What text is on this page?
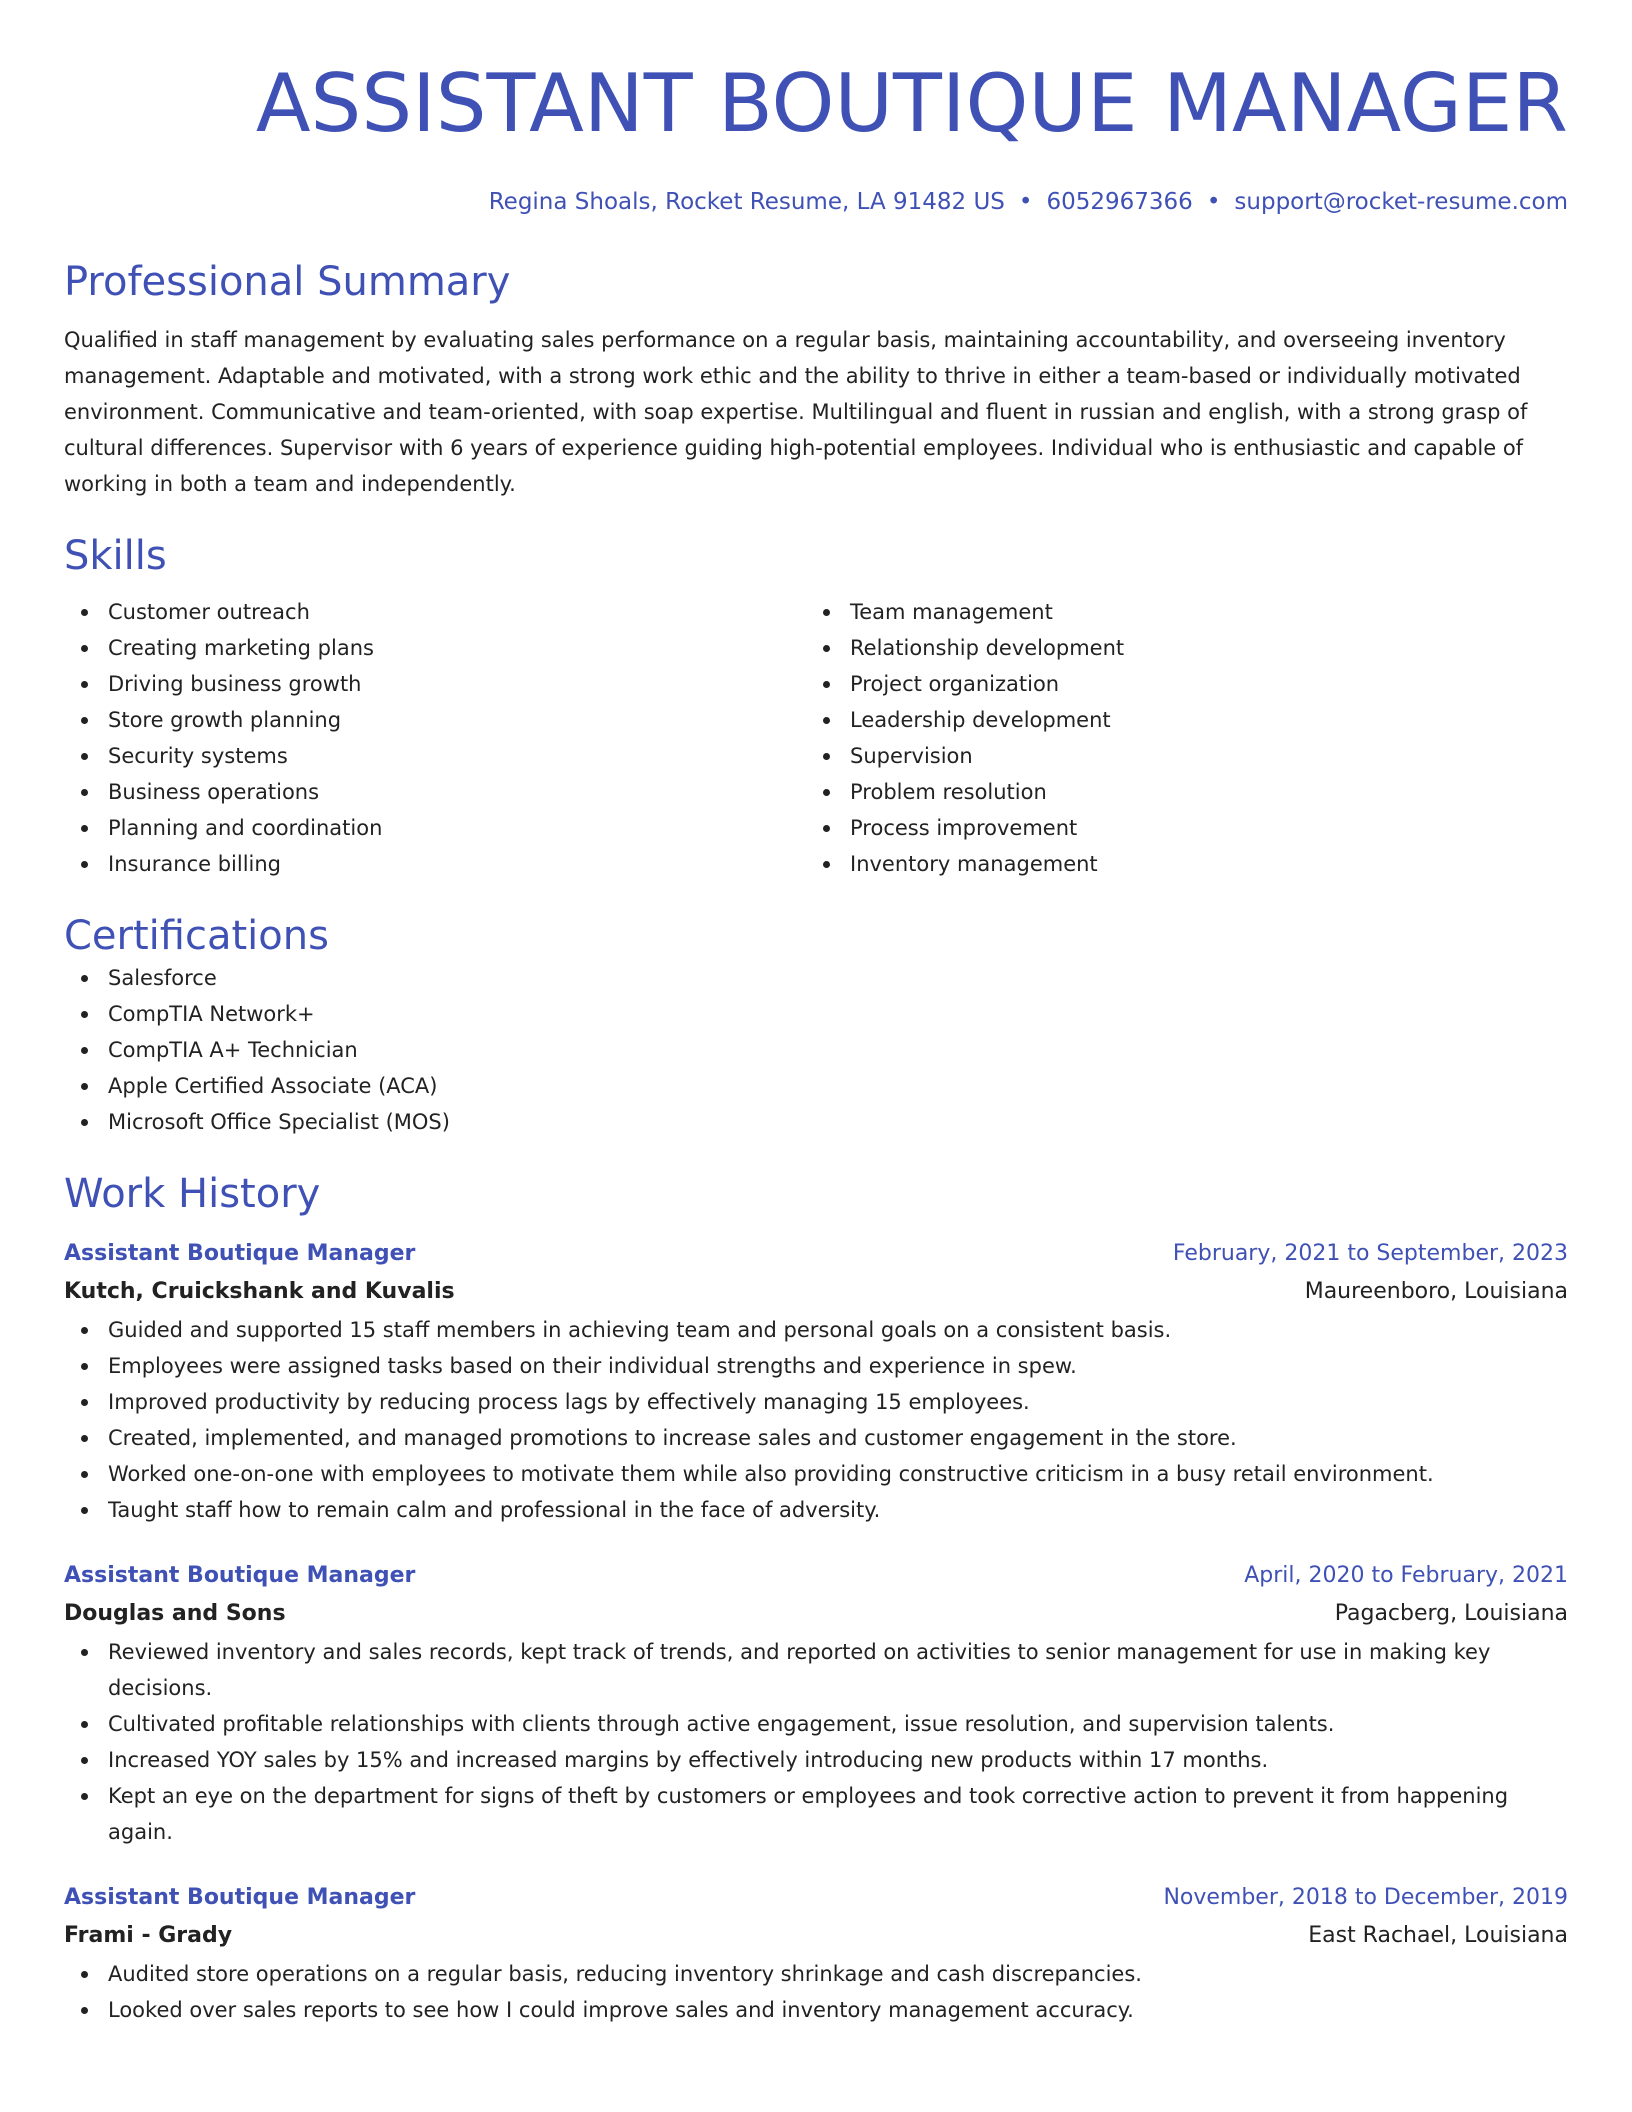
ASSISTANT BOUTIQUE MANAGER
Regina Shoals, Rocket Resume, LA 91482 US • 6052967366 • support@rocket-resume.com
Professional Summary
Qualified in staff management by evaluating sales performance on a regular basis, maintaining accountability, and overseeing inventory management. Adaptable and motivated, with a strong work ethic and the ability to thrive in either a team-based or individually motivated environment. Communicative and team-oriented, with soap expertise. Multilingual and fluent in russian and english, with a strong grasp of cultural differences. Supervisor with 6 years of experience guiding high-potential employees. Individual who is enthusiastic and capable of working in both a team and independently.
Skills
Customer outreach
Creating marketing plans
Driving business growth
Store growth planning
Security systems
Business operations
Planning and coordination
Insurance billing
Team management
Relationship development
Project organization
Leadership development
Supervision
Problem resolution
Process improvement
Inventory management
Certifications
Salesforce
CompTIA Network+
CompTIA A+ Technician
Apple Certified Associate (ACA)
Microsoft Office Specialist (MOS)
Work History
Assistant Boutique Manager	February, 2021 to September, 2023
Kutch, Cruickshank and Kuvalis	Maureenboro, Louisiana
Guided and supported 15 staff members in achieving team and personal goals on a consistent basis.
Employees were assigned tasks based on their individual strengths and experience in spew.
Improved productivity by reducing process lags by effectively managing 15 employees.
Created, implemented, and managed promotions to increase sales and customer engagement in the store.
Worked one-on-one with employees to motivate them while also providing constructive criticism in a busy retail environment.
Taught staff how to remain calm and professional in the face of adversity.
Assistant Boutique Manager	April, 2020 to February, 2021
Douglas and Sons	Pagacberg, Louisiana
Reviewed inventory and sales records, kept track of trends, and reported on activities to senior management for use in making key decisions.
Cultivated profitable relationships with clients through active engagement, issue resolution, and supervision talents.
Increased YOY sales by 15% and increased margins by effectively introducing new products within 17 months.
Kept an eye on the department for signs of theft by customers or employees and took corrective action to prevent it from happening again.
Assistant Boutique Manager	November, 2018 to December, 2019
Frami - Grady	East Rachael, Louisiana
Audited store operations on a regular basis, reducing inventory shrinkage and cash discrepancies.
Looked over sales reports to see how I could improve sales and inventory management accuracy.
